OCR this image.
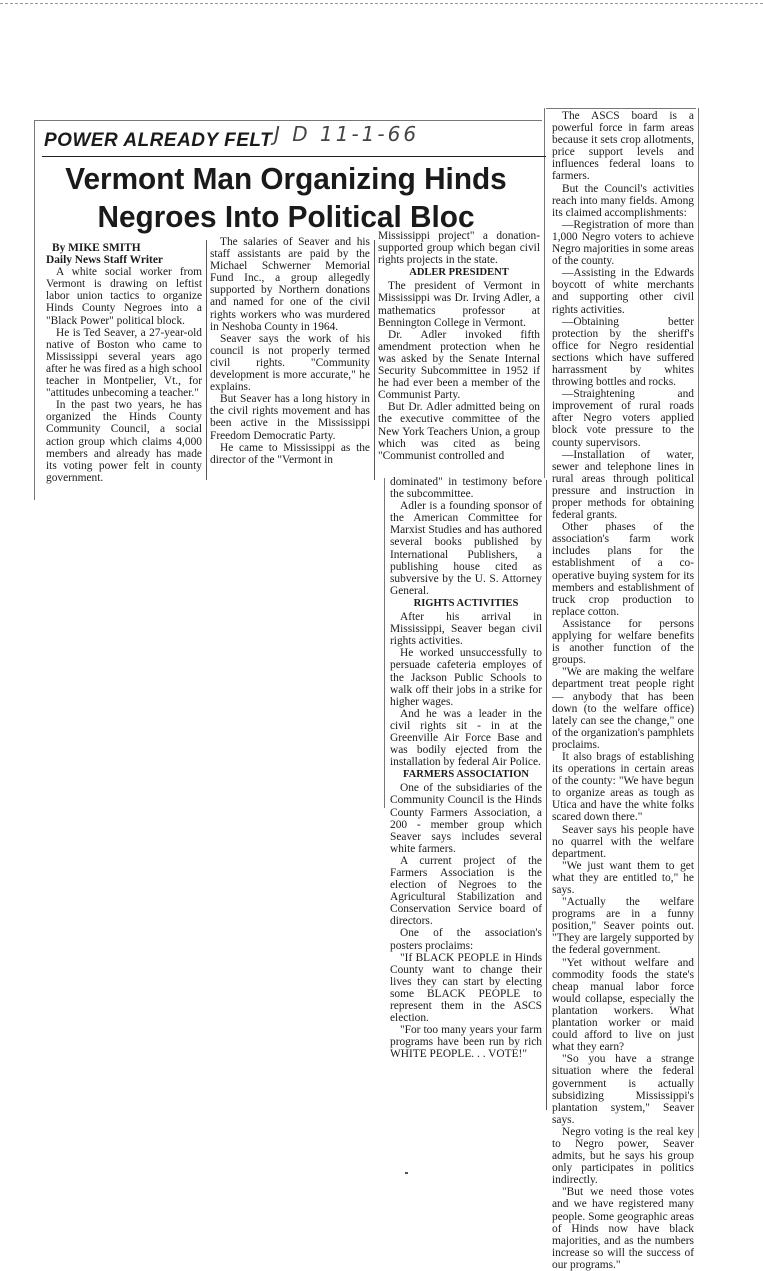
POWER ALREADY FELT J D 11-1-66
Vermont Man Organizing Hinds Negroes Into Political Bloc

By MIKE SMITH

Daily News Staff Writer

A white social worker from Vermont is drawing on leftist labor union tactics to organize Hinds County Negroes into a "Black Power" political block.

He is Ted Seaver, a 27-year-old native of Boston who came to Mississippi several years ago after he was fired as a high school teacher in Montpelier, Vt., for "attitudes unbecoming a teacher."

In the past two years, he has organized the Hinds County Community Council, a social action group which claims 4,000 members and already has made its voting power felt in county government.

The salaries of Seaver and his staff assistants are paid by the Michael Schwerner Memorial Fund Inc., a group allegedly supported by Northern donations and named for one of the civil rights workers who was murdered in Neshoba County in 1964.

Seaver says the work of his council is not properly termed civil rights. "Community development is more accurate," he explains.

But Seaver has a long history in the civil rights movement and has been active in the Mississippi Freedom Democratic Party.

He came to Mississippi as the director of the "Vermont in

Mississippi project" a donation-supported group which began civil rights projects in the state.

ADLER PRESIDENT

The president of Vermont in Mississippi was Dr. Irving Adler, a mathematics professor at Bennington College in Vermont.

Dr. Adler invoked fifth amendment protection when he was asked by the Senate Internal Security Subcommittee in 1952 if he had ever been a member of the Communist Party.

But Dr. Adler admitted being on the executive committee of the New York Teachers Union, a group which was cited as being "Communist controlled and

dominated" in testimony before the subcommittee.

Adler is a founding sponsor of the American Committee for Marxist Studies and has authored several books published by International Publishers, a publishing house cited as subversive by the U. S. Attorney General.

RIGHTS ACTIVITIES

After his arrival in Mississippi, Seaver began civil rights activities.

He worked unsuccessfully to persuade cafeteria employes of the Jackson Public Schools to walk off their jobs in a strike for higher wages.

And he was a leader in the civil rights sit - in at the Greenville Air Force Base and was bodily ejected from the installation by federal Air Police.

FARMERS ASSOCIATION

One of the subsidiaries of the Community Council is the Hinds County Farmers Association, a 200 - member group which Seaver says includes several white farmers.

A current project of the Farmers Association is the election of Negroes to the Agricultural Stabilization and Conservation Service board of directors.

One of the association's posters proclaims:

"If BLACK PEOPLE in Hinds County want to change their lives they can start by electing some BLACK PEOPLE to represent them in the ASCS election.

"For too many years your farm programs have been run by rich WHITE PEOPLE. . . VOTE!"

The ASCS board is a powerful force in farm areas because it sets crop allotments, price support levels and influences federal loans to farmers.

But the Council's activities reach into many fields. Among its claimed accomplishments:

—Registration of more than 1,000 Negro voters to achieve Negro majorities in some areas of the county.

—Assisting in the Edwards boycott of white merchants and supporting other civil rights activities.

—Obtaining better protection by the sheriff's office for Negro residential sections which have suffered harrassment by whites throwing bottles and rocks.

—Straightening and improvement of rural roads after Negro voters applied block vote pressure to the county supervisors.

—Installation of water, sewer and telephone lines in rural areas through political pressure and instruction in proper methods for obtaining federal grants.

Other phases of the association's farm work includes plans for the establishment of a co-operative buying system for its members and establishment of truck crop production to replace cotton.

Assistance for persons applying for welfare benefits is another function of the groups.

"We are making the welfare department treat people right — anybody that has been down (to the welfare office) lately can see the change," one of the organization's pamphlets proclaims.

It also brags of establishing its operations in certain areas of the county: "We have begun to organize areas as tough as Utica and have the white folks scared down there."

Seaver says his people have no quarrel with the welfare department.

"We just want them to get what they are entitled to," he says.

"Actually the welfare programs are in a funny position," Seaver points out. "They are largely supported by the federal government.

"Yet without welfare and commodity foods the state's cheap manual labor force would collapse, especially the plantation workers. What plantation worker or maid could afford to live on just what they earn?

"So you have a strange situation where the federal government is actually subsidizing Mississippi's plantation system," Seaver says.

Negro voting is the real key to Negro power, Seaver admits, but he says his group only participates in politics indirectly.

"But we need those votes and we have registered many people. Some geographic areas of Hinds now have black majorities, and as the numbers increase so will the success of our programs."
